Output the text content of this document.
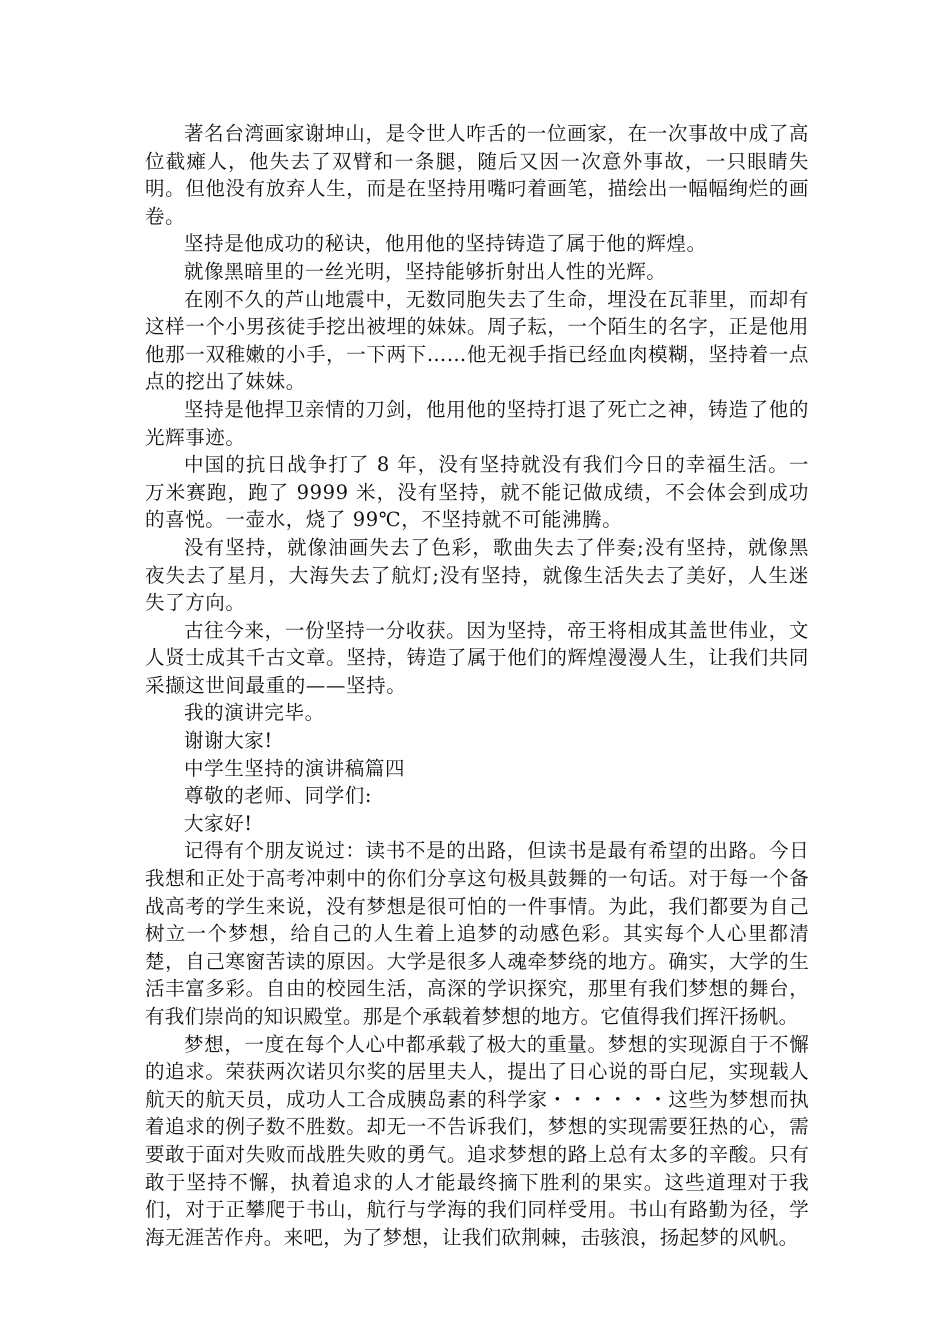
著名台湾画家谢坤山，是令世人咋舌的一位画家，在一次事故中成了高位截瘫人，他失去了双臂和一条腿，随后又因一次意外事故，一只眼睛失明。但他没有放弃人生，而是在坚持用嘴叼着画笔，描绘出一幅幅绚烂的画卷。

坚持是他成功的秘诀，他用他的坚持铸造了属于他的辉煌。

就像黑暗里的一丝光明，坚持能够折射出人性的光辉。

在刚不久的芦山地震中，无数同胞失去了生命，埋没在瓦菲里，而却有这样一个小男孩徒手挖出被埋的妹妹。周子耘，一个陌生的名字，正是他用他那一双稚嫩的小手，一下两下……他无视手指已经血肉模糊，坚持着一点点的挖出了妹妹。

坚持是他捍卫亲情的刀剑，他用他的坚持打退了死亡之神，铸造了他的光辉事迹。

中国的抗日战争打了 8 年，没有坚持就没有我们今日的幸福生活。一万米赛跑，跑了 9999 米，没有坚持，就不能记做成绩，不会体会到成功的喜悦。一壶水，烧了 99℃，不坚持就不可能沸腾。

没有坚持，就像油画失去了色彩，歌曲失去了伴奏;没有坚持，就像黑夜失去了星月，大海失去了航灯;没有坚持，就像生活失去了美好，人生迷失了方向。

古往今来，一份坚持一分收获。因为坚持，帝王将相成其盖世伟业，文人贤士成其千古文章。坚持，铸造了属于他们的辉煌漫漫人生，让我们共同采撷这世间最重的——坚持。

我的演讲完毕。

谢谢大家!

中学生坚持的演讲稿篇四

尊敬的老师、同学们:

大家好!

记得有个朋友说过：读书不是的出路，但读书是最有希望的出路。今日我想和正处于高考冲刺中的你们分享这句极具鼓舞的一句话。对于每一个备战高考的学生来说，没有梦想是很可怕的一件事情。为此，我们都要为自己树立一个梦想，给自己的人生着上追梦的动感色彩。其实每个人心里都清楚，自己寒窗苦读的原因。大学是很多人魂牵梦绕的地方。确实，大学的生活丰富多彩。自由的校园生活，高深的学识探究，那里有我们梦想的舞台，有我们崇尚的知识殿堂。那是个承载着梦想的地方。它值得我们挥汗扬帆。

梦想，一度在每个人心中都承载了极大的重量。梦想的实现源自于不懈的追求。荣获两次诺贝尔奖的居里夫人，提出了日心说的哥白尼，实现载人航天的航天员，成功人工合成胰岛素的科学家・・・・・・这些为梦想而执着追求的例子数不胜数。却无一不告诉我们，梦想的实现需要狂热的心，需要敢于面对失败而战胜失败的勇气。追求梦想的路上总有太多的辛酸。只有敢于坚持不懈，执着追求的人才能最终摘下胜利的果实。这些道理对于我们，对于正攀爬于书山，航行与学海的我们同样受用。书山有路勤为径，学海无涯苦作舟。来吧，为了梦想，让我们砍荆棘，击骇浪，扬起梦的风帆。
